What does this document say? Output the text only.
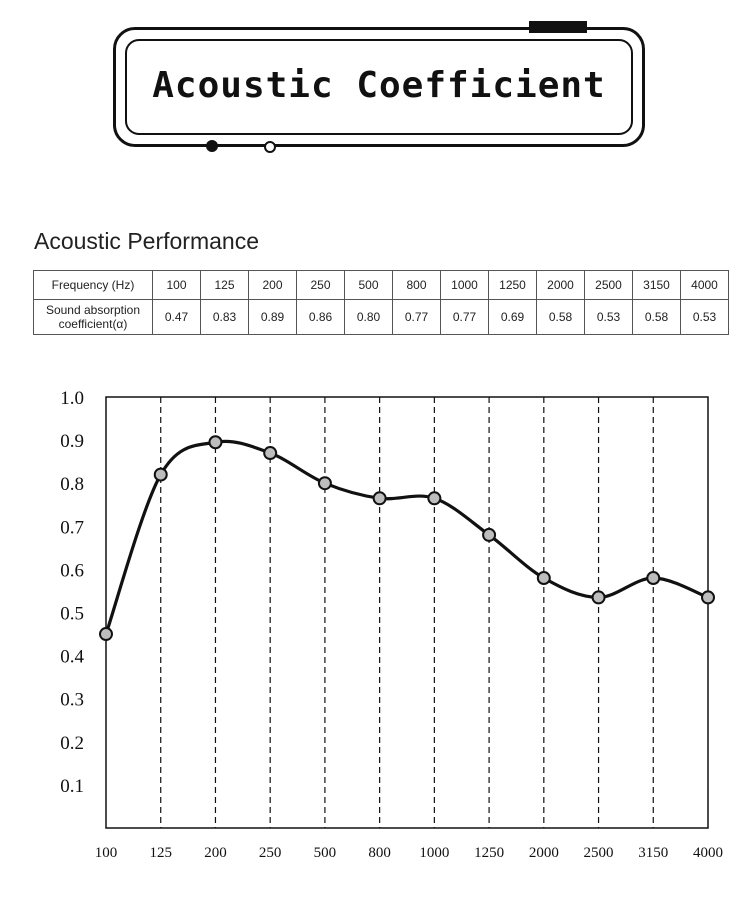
Acoustic Coefficient
Acoustic Performance
Frequency (Hz)	100	125	200	250	500	800	1000	1250	2000	2500	3150	4000
Sound absorption coefficient(α)	0.47	0.83	0.89	0.86	0.80	0.77	0.77	0.69	0.58	0.53	0.58	0.53
0.1
0.2
0.3
0.4
0.5
0.6
0.7
0.8
0.9
1.0
100 125 200 250 500 800 1000 1250 2000 2500 3150 4000
